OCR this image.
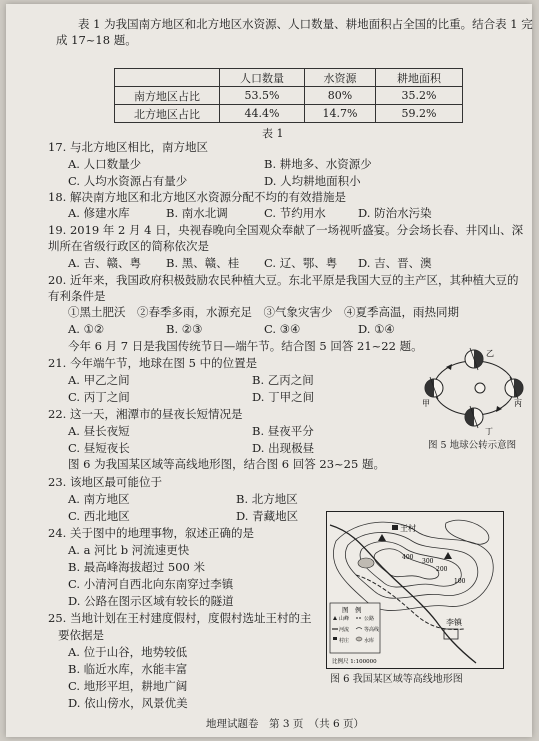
表 1 为我国南方地区和北方地区水资源、人口数量、耕地面积占全国的比重。结合表 1 完
成 17~18 题。
	人口数量	水资源	耕地面积
南方地区占比	53.5%	80%	35.2%
北方地区占比	44.4%	14.7%	59.2%
表 1
17. 与北方地区相比，南方地区
A. 人口数量少	B. 耕地多、水资源少
C. 人均水资源占有量少	D. 人均耕地面积小
18. 解决南方地区和北方地区水资源分配不均的有效措施是
A. 修建水库	B. 南水北调	C. 节约用水	D. 防治水污染
19. 2019 年 2 月 4 日，央视春晚向全国观众奉献了一场视听盛宴。分会场长春、井冈山、深
圳所在省级行政区的简称依次是
A. 吉、赣、粤 B. 黑、赣、桂 C. 辽、鄂、粤 D. 吉、晋、澳
20. 近年来，我国政府积极鼓励农民种植大豆。东北平原是我国大豆的主产区，其种植大豆的
有利条件是
①黑土肥沃　②春季多雨，水源充足　③气象灾害少　④夏季高温，雨热同期
A. ①②	B. ②③	C. ③④	D. ①④
今年 6 月 7 日是我国传统节日—端午节。结合图 5 回答 21~22 题。
21. 今年端午节，地球在图 5 中的位置是
A. 甲乙之间	B. 乙丙之间
C. 丙丁之间	D. 丁甲之间
22. 这一天，湘潭市的昼夜长短情况是
A. 昼长夜短	B. 昼夜平分
C. 昼短夜长	D. 出现极昼
乙
甲	丙
丁
图 5 地球公转示意图
图 6 为我国某区域等高线地形图，结合图 6 回答 23~25 题。
23. 该地区最可能位于
A. 南方地区	B. 北方地区
C. 西北地区	D. 青藏地区
24. 关于图中的地理事物，叙述正确的是
A. a 河比 b 河流速更快
B. 最高峰海拔超过 500 米
C. 小清河自西北向东南穿过李镇
D. 公路在图示区域有较长的隧道
25. 当地计划在王村建度假村，度假村选址王村的主
要依据是
A. 位于山谷，地势较低
B. 临近水库，水能丰富
C. 地形平坦，耕地广阔
D. 依山傍水，风景优美
王村
李镇
100
200
300
400
图　例
山峰	公路
河流	等高线
村庄	水库
比例尺 1:100000
图 6 我国某区域等高线地形图
地理试题卷　第 3 页　（共 6 页）
